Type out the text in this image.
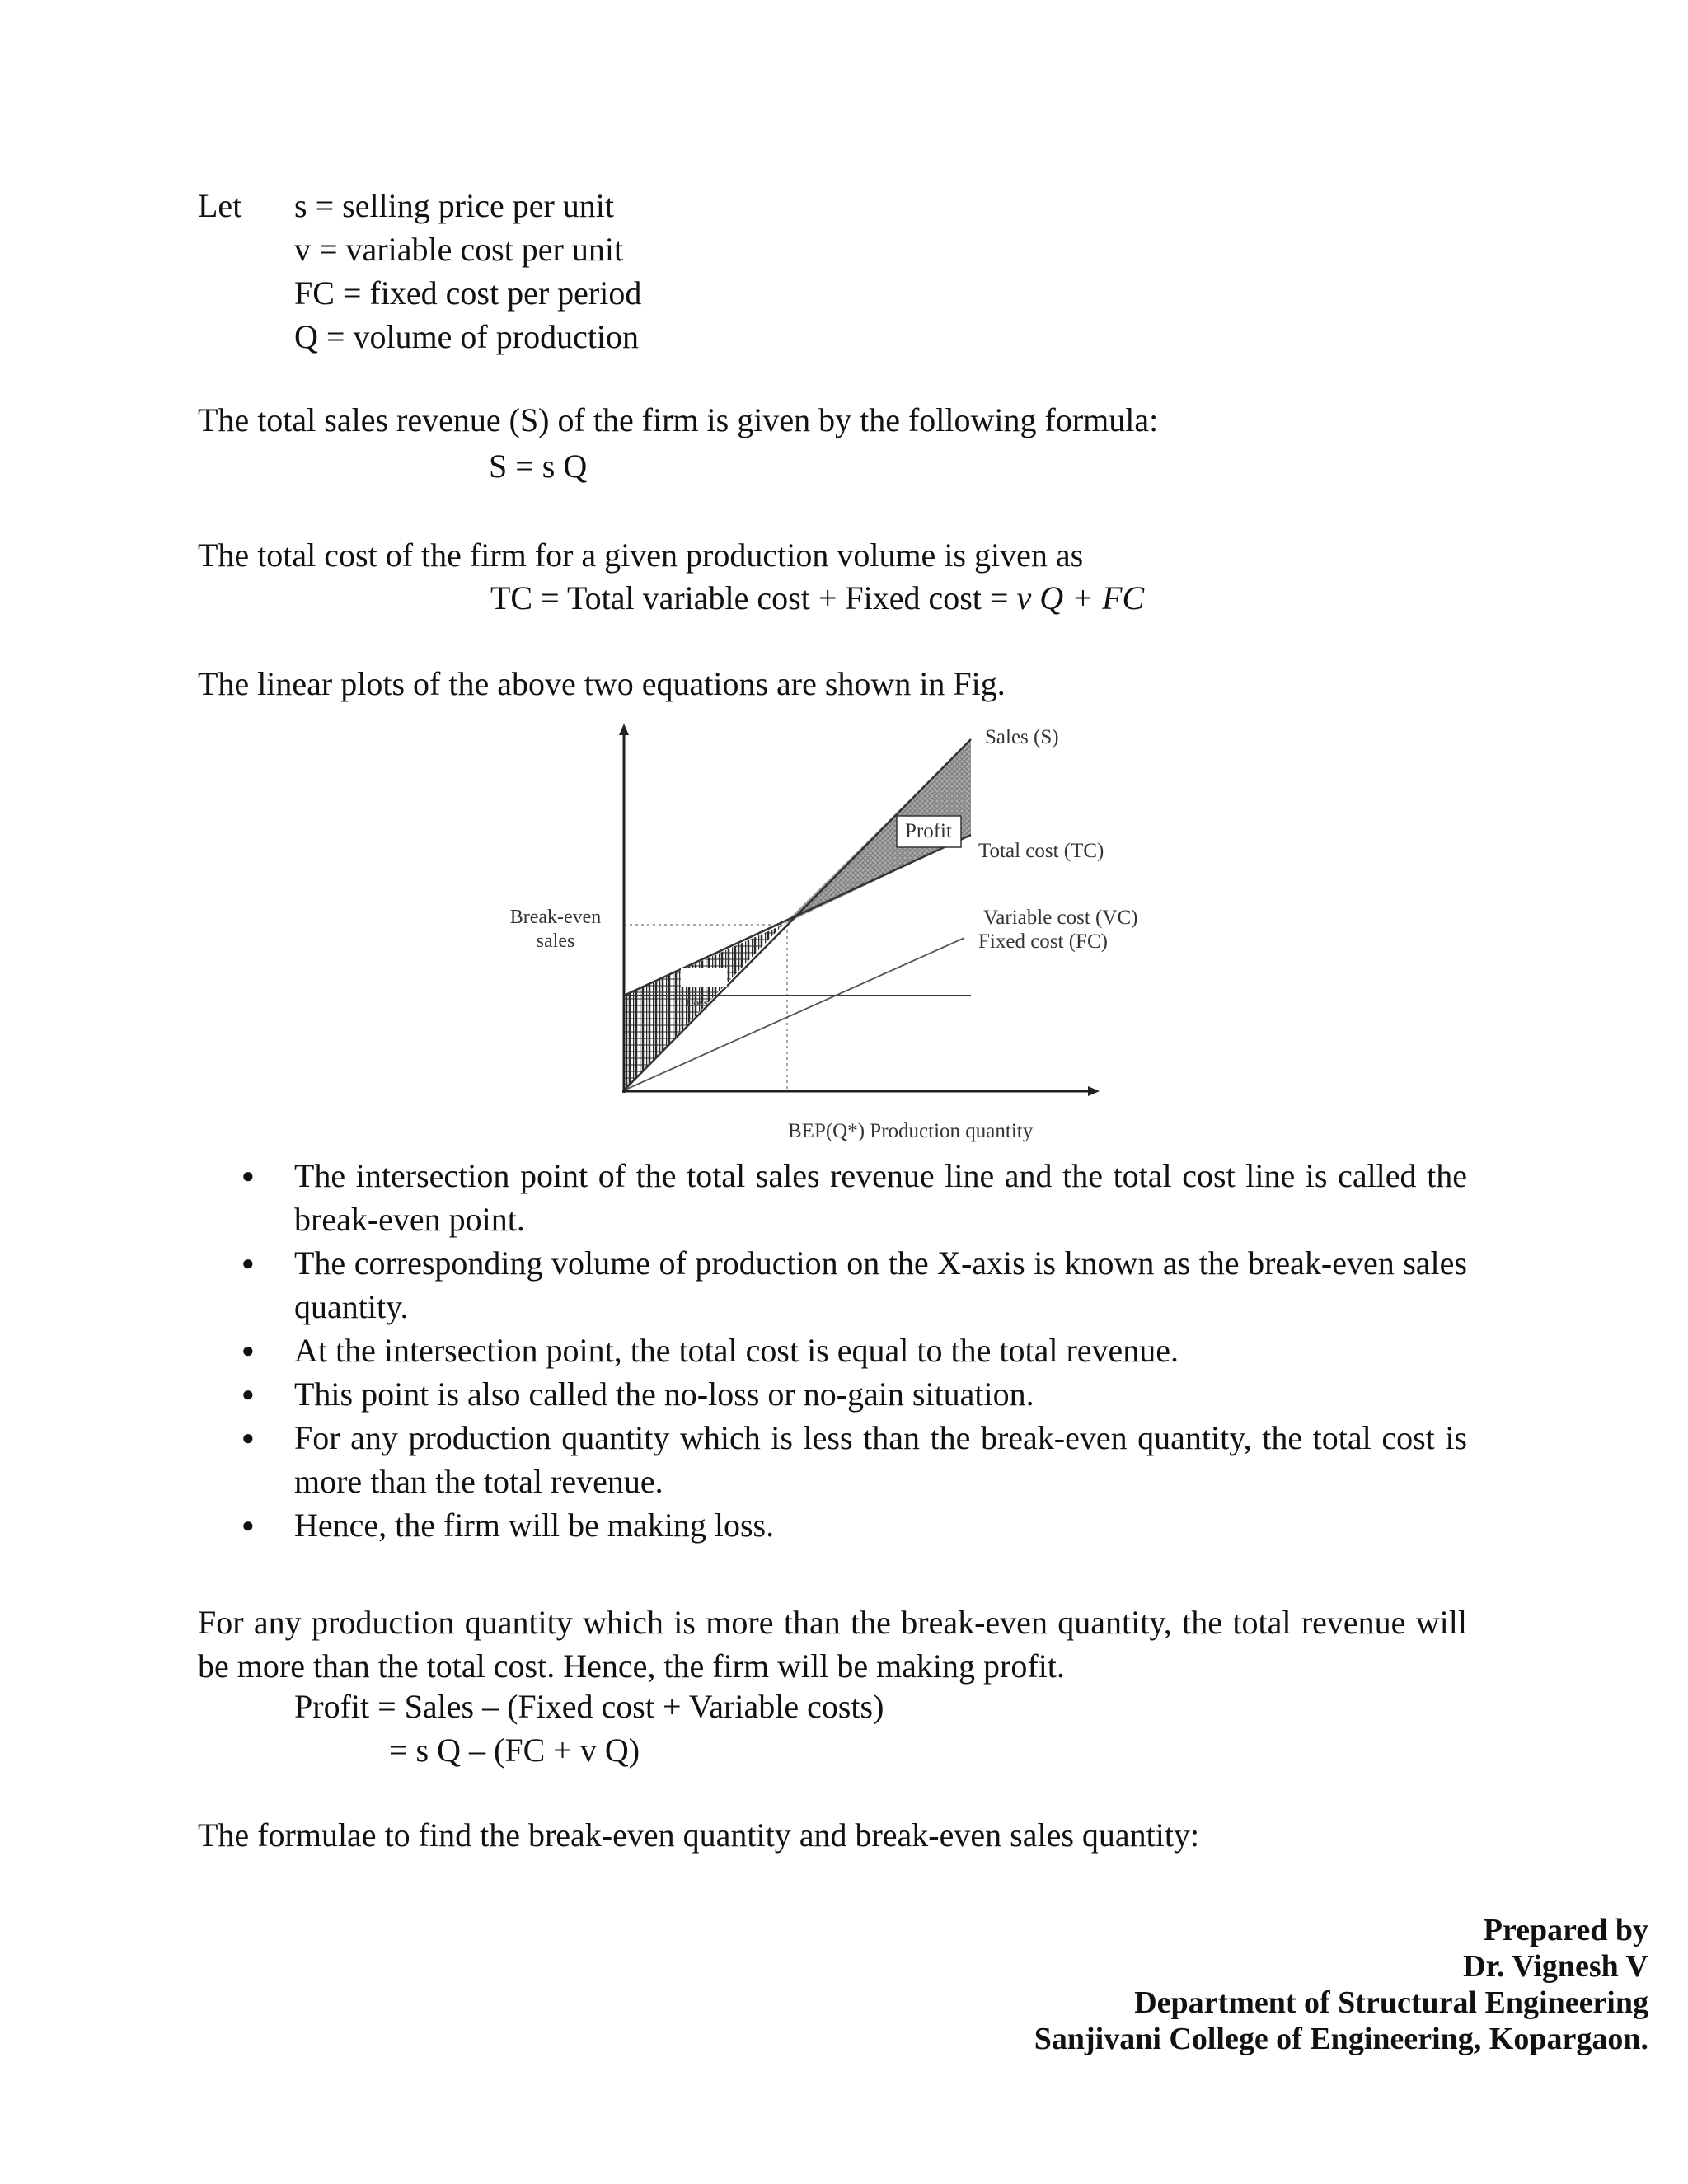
Let s = selling price per unit
v = variable cost per unit
FC = fixed cost per period
Q = volume of production
The total sales revenue (S) of the firm is given by the following formula:
S = s Q
The total cost of the firm for a given production volume is given as
TC = Total variable cost + Fixed cost = v Q + FC
The linear plots of the above two equations are shown in Fig.
Sales (S)
Profit
Total cost (TC)
Break-even
sales
Variable cost (VC)
Fixed cost (FC)
Loss
BEP(Q*) Production quantity
● The intersection point of the total sales revenue line and the total cost line is called the break-even point.
● The corresponding volume of production on the X-axis is known as the break-even sales quantity.
● At the intersection point, the total cost is equal to the total revenue.
● This point is also called the no-loss or no-gain situation.
● For any production quantity which is less than the break-even quantity, the total cost is more than the total revenue.
● Hence, the firm will be making loss.
For any production quantity which is more than the break-even quantity, the total revenue will be more than the total cost. Hence, the firm will be making profit.
Profit = Sales – (Fixed cost + Variable costs)
= s Q – (FC + v Q)
The formulae to find the break-even quantity and break-even sales quantity:
Prepared by
Dr. Vignesh V
Department of Structural Engineering
Sanjivani College of Engineering, Kopargaon.
